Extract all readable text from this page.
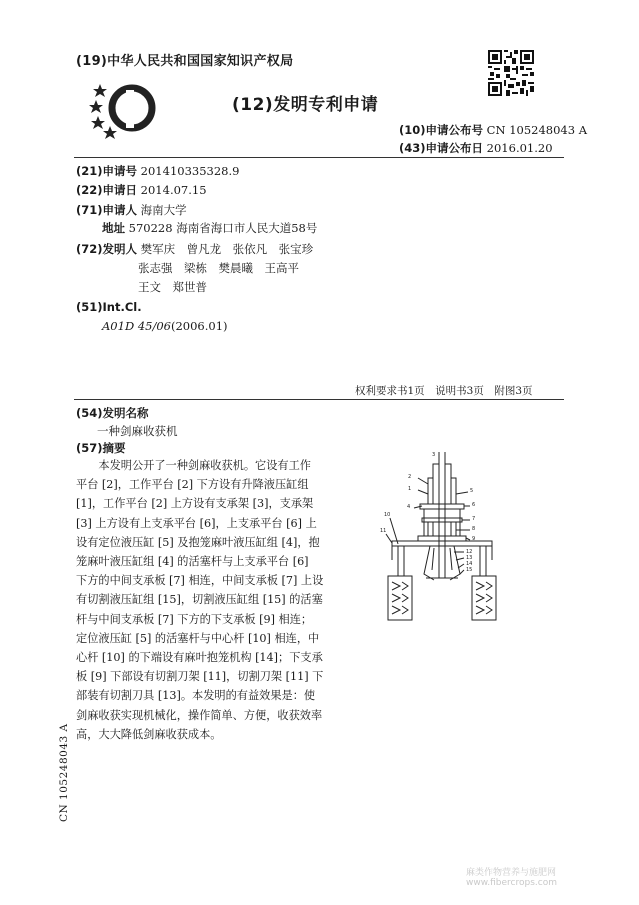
(19)中华人民共和国国家知识产权局
(12)发明专利申请
(10)申请公布号 CN 105248043 A
(43)申请公布日 2016.01.20
(21)申请号 201410335328.9
(22)申请日 2014.07.15
(71)申请人 海南大学
地址 570228 海南省海口市人民大道58号
(72)发明人 樊军庆　曾凡龙　张依凡　张宝珍
张志强　梁栋　樊晨曦　王高平
王文　郑世普
(51)Int.Cl.
A01D 45/06(2006.01)
权利要求书1页　说明书3页　附图3页
(54)发明名称
一种剑麻收获机
(57)摘要
　　本发明公开了一种剑麻收获机。它设有工作
平台 [2]，工作平台 [2] 下方设有升降液压缸组
[1]，工作平台 [2] 上方设有支承架 [3]，支承架
[3] 上方设有上支承平台 [6]，上支承平台 [6] 上
设有定位液压缸 [5] 及抱笼麻叶液压缸组 [4]，抱
笼麻叶液压缸组 [4] 的活塞杆与上支承平台 [6]
下方的中间支承板 [7] 相连，中间支承板 [7] 上设
有切割液压缸组 [15]，切割液压缸组 [15] 的活塞
杆与中间支承板 [7] 下方的下支承板 [9] 相连；
定位液压缸 [5] 的活塞杆与中心杆 [10] 相连，中
心杆 [10] 的下端设有麻叶抱笼机构 [14]；下支承
板 [9] 下部设有切割刀架 [11]，切割刀架 [11] 下
部装有切割刀具 [13]。本发明的有益效果是：使
剑麻收获实现机械化，操作简单、方便，收获效率
高，大大降低剑麻收获成本。
3
2
1
4
5
6
7
8
9
10
11
12
13
14
15
CN 105248043 A
麻类作物营养与施肥网 www.fibercrops.com
